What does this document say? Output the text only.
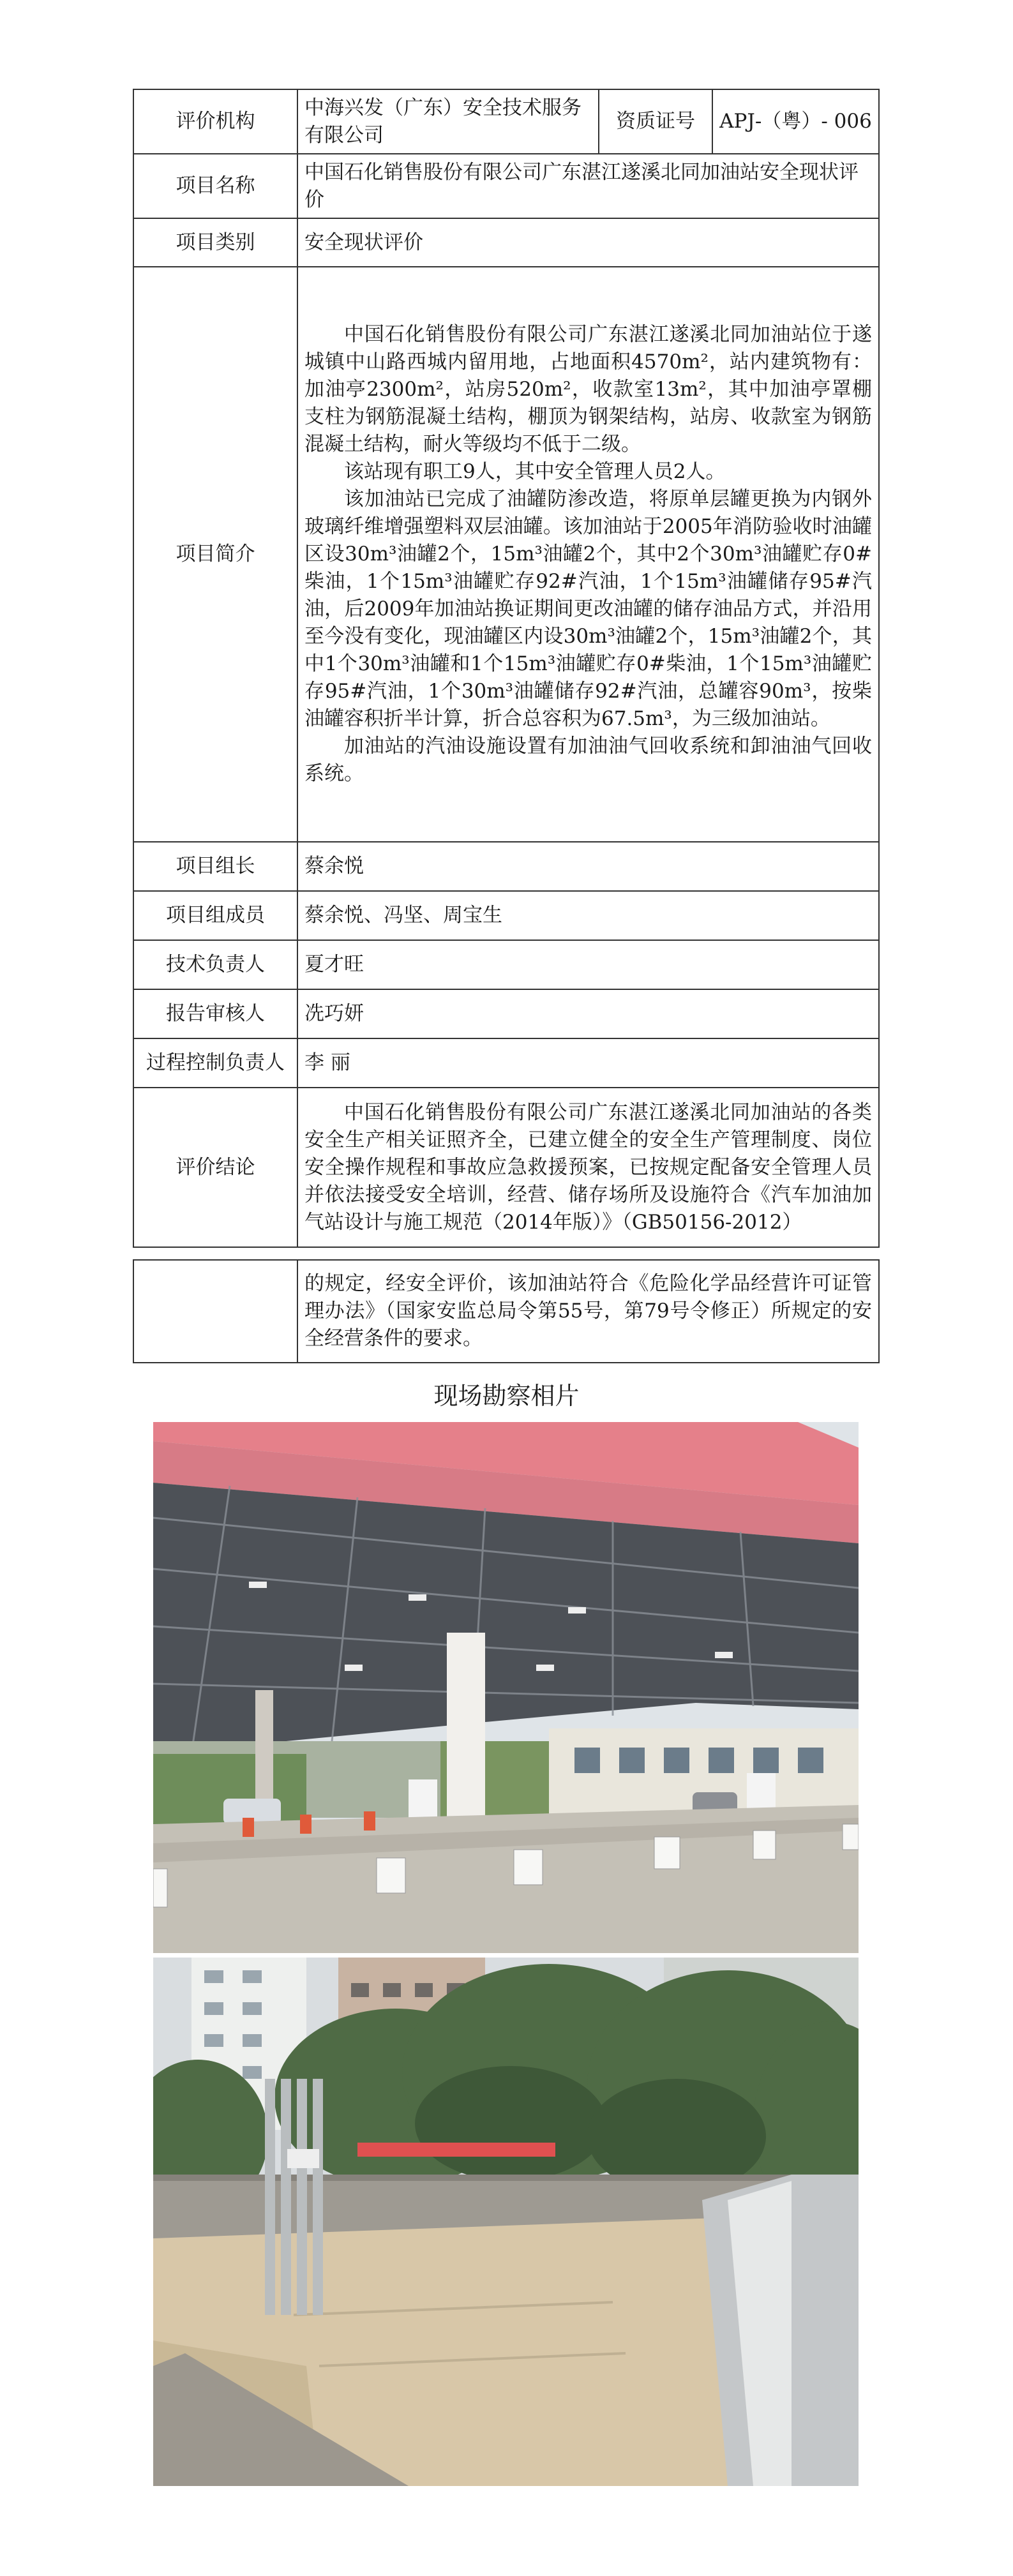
评价机构	中海兴发（广东）安全技术服务有限公司	资质证号	APJ-（粤）- 006
项目名称	中国石化销售股份有限公司广东湛江遂溪北同加油站安全现状评价		
项目类别	安全现状评价		
项目简介	中国石化销售股份有限公司广东湛江遂溪北同加油站位于遂城镇中山路西城内留用地，占地面积4570m²，站内建筑物有：加油亭2300m²，站房520m²，收款室13m²，其中加油亭罩棚支柱为钢筋混凝土结构，棚顶为钢架结构，站房、收款室为钢筋混凝土结构，耐火等级均不低于二级。

该站现有职工9人，其中安全管理人员2人。

该加油站已完成了油罐防渗改造，将原单层罐更换为内钢外玻璃纤维增强塑料双层油罐。该加油站于2005年消防验收时油罐区设30m³油罐2个，15m³油罐2个，其中2个30m³油罐贮存0#柴油，1个15m³油罐贮存92#汽油，1个15m³油罐储存95#汽油，后2009年加油站换证期间更改油罐的储存油品方式，并沿用至今没有变化，现油罐区内设30m³油罐2个，15m³油罐2个，其中1个30m³油罐和1个15m³油罐贮存0#柴油，1个15m³油罐贮存95#汽油，1个30m³油罐储存92#汽油，总罐容90m³，按柴油罐容积折半计算，折合总容积为67.5m³，为三级加油站。

加油站的汽油设施设置有加油油气回收系统和卸油油气回收系统。		

项目组长	蔡余悦		
项目组成员	蔡余悦、冯坚、周宝生		
技术负责人	夏才旺		
报告审核人	冼巧妍		
过程控制负责人	李 丽		
评价结论	中国石化销售股份有限公司广东湛江遂溪北同加油站的各类安全生产相关证照齐全，已建立健全的安全生产管理制度、岗位安全操作规程和事故应急救援预案，已按规定配备安全管理人员并依法接受安全培训，经营、储存场所及设施符合《汽车加油加气站设计与施工规范（2014年版）》（GB50156-2012）		

	的规定，经安全评价，该加油站符合《危险化学品经营许可证管理办法》（国家安监总局令第55号，第79号令修正）所规定的安全经营条件的要求。
现场勘察相片
